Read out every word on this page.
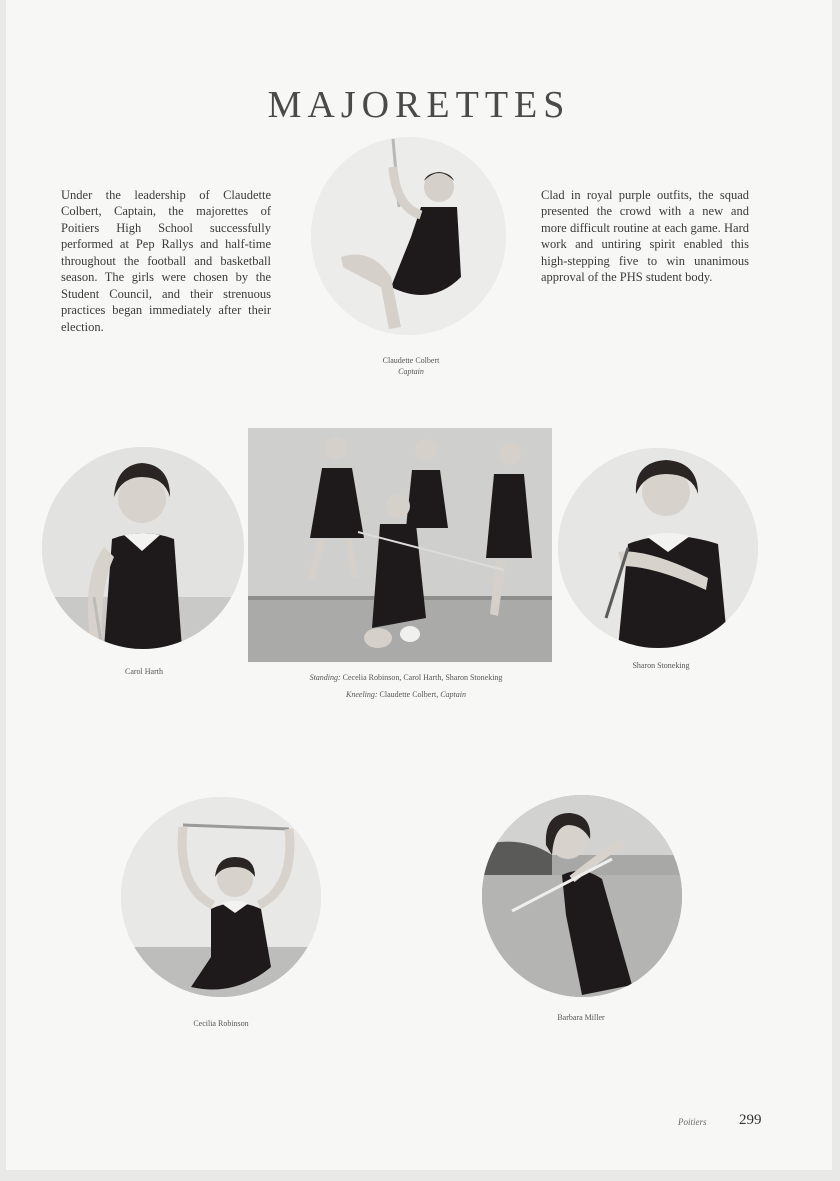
MAJORETTES

Under the leadership of Claudette Colbert, Captain, the majorettes of Poitiers High School successfully performed at Pep Rallys and half-time throughout the football and basketball season. The girls were chosen by the Student Council, and their strenuous practices began immediately after their election.

Clad in royal purple outfits, the squad presented the crowd with a new and more difficult routine at each game. Hard work and untiring spirit enabled this high-stepping five to win unanimous approval of the PHS student body.

Claudette Colbert
Captain
Carol Harth
Standing: Cecelia Robinson, Carol Harth, Sharon Stoneking
Kneeling: Claudette Colbert, Captain
Sharon Stoneking
Cecilia Robinson
Barbara Miller
Poitiers 299
